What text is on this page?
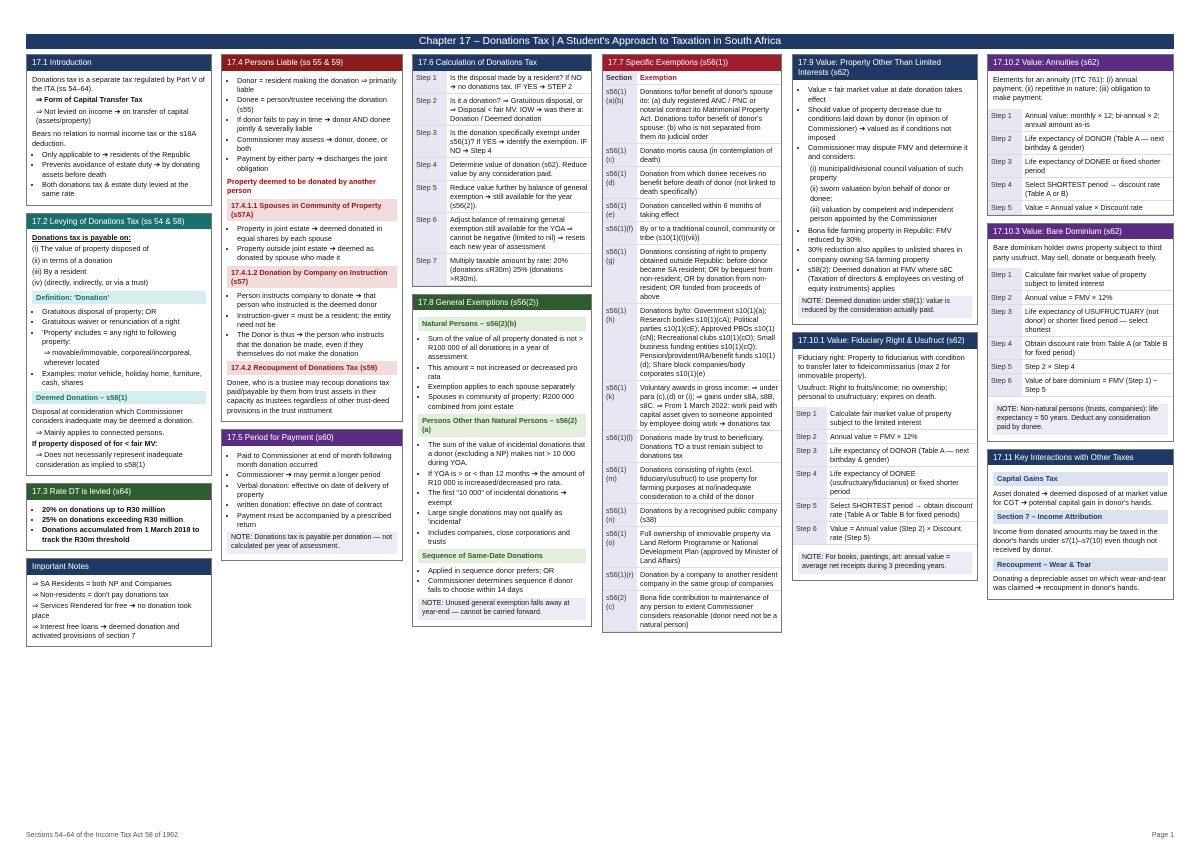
Chapter 17 – Donations Tax | A Student's Approach to Taxation in South Africa
17.1 Introduction

Donations tax is a separate tax regulated by Part V of the ITA (ss 54–64).

⇒ Form of Capital Transfer Tax

⇒ Not levied on income ➔ on transfer of capital (assets/property)

Bears no relation to normal income tax or the s18A deduction.

• Only applicable to ➔ residents of the Republic
• Prevents avoidance of estate duty ➔ by donating assets before death
• Both donations tax & estate duty levied at the same rate
17.2 Levying of Donations Tax (ss 54 & 58)

Donations tax is payable on:

(i) The value of property disposed of

(ii) in terms of a donation

(iii) By a resident

(iv) (directly, indirectly, or via a trust)

Definition: 'Donation'
• Gratuitous disposal of property; OR
• Gratuitous waiver or renunciation of a right
• 'Property' includes = any right to following property:

⇒ movable/immovable, corporeal/incorporeal, wherever located

• Examples: motor vehicle, holiday home, furniture, cash, shares
Deemed Donation – s58(1)

Disposal at consideration which Commissioner considers inadequate may be deemed a donation.

⇒ Mainly applies to connected persons.

If property disposed of for < fair MV:

⇒ Does not necessarily represent inadequate consideration as implied to s58(1)

17.3 Rate DT is levied (s64)
• 20% on donations up to R30 million
• 25% on donations exceeding R30 million
• Donations accumulated from 1 March 2018 to track the R30m threshold
Important Notes

⇒ SA Residents = both NP and Companies

⇒ Non-residents = don't pay donations tax

⇒ Services Rendered for free ➔ no donation took place

⇒ Interest free loans ➔ deemed donation and activated provisions of section 7

17.4 Persons Liable (ss 55 & 59)
• Donor = resident making the donation ⇒ primarily liable
• Donee = person/trustee receiving the donation (s55)
• If donor fails to pay in time ➔ donor AND donee jointly & severally liable
• Commissioner may assess ➔ donor, donee, or both
• Payment by either party ➔ discharges the joint obligation

Property deemed to be donated by another person

17.4.1.1 Spouses in Community of Property (s57A)
• Property in joint estate ➔ deemed donated in equal shares by each spouse
• Property outside joint estate ➔ deemed as donated by spouse who made it
17.4.1.2 Donation by Company on Instruction (s57)
• Person instructs company to donate ➔ that person who instructed is the deemed donor
• Instruction-giver = must be a resident; the entity need not be
• The Donor is thus ➔ the person who instructs that the donation be made, even if they themselves do not make the donation
17.4.2 Recoupment of Donations Tax (s59)

Donee, who is a trustee may recoup donations tax paid/payable by them from trust assets in their capacity as trustees regardless of other trust-deed provisions in the trust instrument

17.5 Period for Payment (s60)
• Paid to Commissioner at end of month following month donation occurred
• Commissioner ➔ may permit a longer period
• Verbal donation: effective on date of delivery of property
• written donation: effective on date of contract
• Payment must be accompanied by a prescribed return

NOTE: Donations tax is payable per donation — not calculated per year of assessment.

17.6 Calculation of Donations Tax
Step 1	Is the disposal made by a resident? If NO ➔ no donations tax. IF YES ➔ STEP 2
Step 2	Is it a donation? ⇒ Gratuitous disposal, or ⇒ Disposal < fair MV. IOW ➔ was there a: Donation / Deemed donation
Step 3	Is the donation specifically exempt under s56(1)? If YES ➔ identify the exemption. IF NO ➔ Step 4
Step 4	Determine value of donation (s62). Reduce value by any consideration paid.
Step 5	Reduce value further by balance of general exemption ➔ still available for the year (s56(2)).
Step 6	Adjust balance of remaining general exemption still available for the YOA ⇒ cannot be negative (limited to nil) ⇒ resets each new year of assessment
Step 7	Multiply taxable amount by rate: 20% (donations ≤R30m) 25% (donations >R30m).
17.8 General Exemptions (s56(2))
Natural Persons – s56(2)(b)
• Sum of the value of all property donated is not > R100 000 of all donations in a year of assessment.
• This amount = not increased or decreased pro rata
• Exemption applies to each spouse separately
• Spouses in community of property: R200 000 combined from joint estate
Persons Other than Natural Persons – s56(2)(a)
• The sum of the value of incidental donations that a donor (excluding a NP) makes not > 10 000 during YOA.
• If YOA is > or < than 12 months ➔ the amount of R10 000 is increased/decreased pro rata.
• The first "10 000" of incidental donations ➔ exempt
• Large single donations may not qualify as 'incidental'
• Includes companies, close corporations and trusts
Sequence of Same-Date Donations
• Applied in sequence donor prefers; OR
• Commissioner determines sequence if donor fails to choose within 14 days

NOTE: Unused general exemption falls away at year-end — cannot be carried forward.

17.7 Specific Exemptions (s56(1))
Section	Exemption
s56(1)(a)(b)	Donations to/for benefit of donor's spouse ito: (a) duly registered ANC / PNC or notarial contract ito Matrimonial Property Act. Donations to/for benefit of donor's spouse: (b) who is not separated from them ito judicial order
s56(1)(c)	Donatio mortis causa (in contemplation of death)
s56(1)(d)	Donation from which donee receives no benefit before death of donor (not linked to death specifically)
s56(1)(e)	Donation cancelled within 6 months of taking effect
s56(1)(f)	By or to a traditional council, community or tribe (s10(1)(t)(vii))
s56(1)(g)	Donations consisting of right to property obtained outside Republic: before donor became SA resident; OR by bequest from non-resident; OR by donation from non-resident; OR funded from proceeds of above
s56(1)(h)	Donations by/to: Government s10(1)(a); Research bodies s10(1)(cA); Political parties s10(1)(cE); Approved PBOs s10(1)(cN); Recreational clubs s10(1)(cO); Small business funding entities s10(1)(cQ); Pension/provident/RA/benefit funds s10(1)(d); Share block companies/body corporates s10(1)(e)
s56(1)(k)	Voluntary awards in gross income: ⇒ under para (c),(d) or (i); ⇒ gains under s8A, s8B, s8C. ⇒ From 1 March 2022: work paid with capital asset given to someone appointed by employee doing work ➔ donations tax
s56(1)(l)	Donations made by trust to beneficiary. Donations TO a trust remain subject to donations tax
s56(1)(m)	Donations consisting of rights (excl. fiduciary/usufruct) to use property for farming purposes at no/inadequate consideration to a child of the donor
s56(1)(n)	Donations by a recognised public company (s38)
s56(1)(o)	Full ownership of immovable property via Land Reform Programme or National Development Plan (approved by Minister of Land Affairs)
s56(1)(r)	Donation by a company to another resident company in the same group of companies
s56(2)(c)	Bona fide contribution to maintenance of any person to extent Commissioner considers reasonable (donor need not be a natural person)
17.9 Value: Property Other Than Limited Interests (s62)
• Value = fair market value at date donation takes effect
• Should value of property decrease due to conditions laid down by donor (in opinion of Commissioner) ➔ valued as if conditions not imposed
• Commissioner may dispute FMV and determine it and considers:

(i) municipal/divisional council valuation of such property

(ii) sworn valuation by/on behalf of donor or donee;

(iii) valuation by competent and independent person appointed by the Commissioner

• Bona fide farming property in Republic: FMV reduced by 30%
• 30% reduction also applies to unlisted shares in company owning SA farming property
• s58(2): Deemed donation at FMV where s8C (Taxation of directors & employees on vesting of equity instruments) applies

NOTE: Deemed donation under s58(1): value is reduced by the consideration actually paid.

17.10.1 Value: Fiduciary Right & Usufruct (s62)

Fiduciary right: Property to fiduciarius with condition to transfer later to fideicommissarius (max 2 for immovable property).

Usufruct: Right to fruits/income; no ownership; personal to usufructuary; expires on death.

Step 1	Calculate fair market value of property subject to the limited interest
Step 2	Annual value = FMV × 12%
Step 3	Life expectancy of DONOR (Table A — next birthday & gender)
Step 4	Life expectancy of DONEE (usufructuary/fiduciarius) or fixed shorter period
Step 5	Select SHORTEST period → obtain discount rate (Table A or Table B for fixed periods)
Step 6	Value = Annual value (Step 2) × Discount rate (Step 5)

NOTE: For books, paintings, art: annual value = average net receipts during 3 preceding years.

17.10.2 Value: Annuities (s62)

Elements for an annuity (ITC 761): (i) annual payment; (ii) repetitive in nature; (iii) obligation to make payment.

Step 1	Annual value: monthly × 12; bi-annual × 2; annual amount as-is
Step 2	Life expectancy of DONOR (Table A — next birthday & gender)
Step 3	Life expectancy of DONEE or fixed shorter period
Step 4	Select SHORTEST period → discount rate (Table A or B)
Step 5	Value = Annual value × Discount rate
17.10.3 Value: Bare Dominium (s62)

Bare dominium holder owns property subject to third party usufruct. May sell, donate or bequeath freely.

Step 1	Calculate fair market value of property subject to limited interest
Step 2	Annual value = FMV × 12%
Step 3	Life expectancy of USUFRUCTUARY (not donor) or shorter fixed period — select shortest
Step 4	Obtain discount rate from Table A (or Table B for fixed period)
Step 5	Step 2 × Step 4
Step 6	Value of bare dominium = FMV (Step 1) − Step 5

NOTE: Non-natural persons (trusts, companies): life expectancy = 50 years. Deduct any consideration paid by donee.

17.11 Key Interactions with Other Taxes
Capital Gains Tax

Asset donated ➔ deemed disposed of at market value for CGT ➔ potential capital gain in donor's hands.

Section 7 – Income Attribution

Income from donated amounts may be taxed in the donor's hands under s7(1)–s7(10) even though not received by donor.

Recoupment – Wear & Tear

Donating a depreciable asset on which wear-and-tear was claimed ➔ recoupment in donor's hands.

Sections 54–64 of the Income Tax Act 58 of 1962	Page 1
